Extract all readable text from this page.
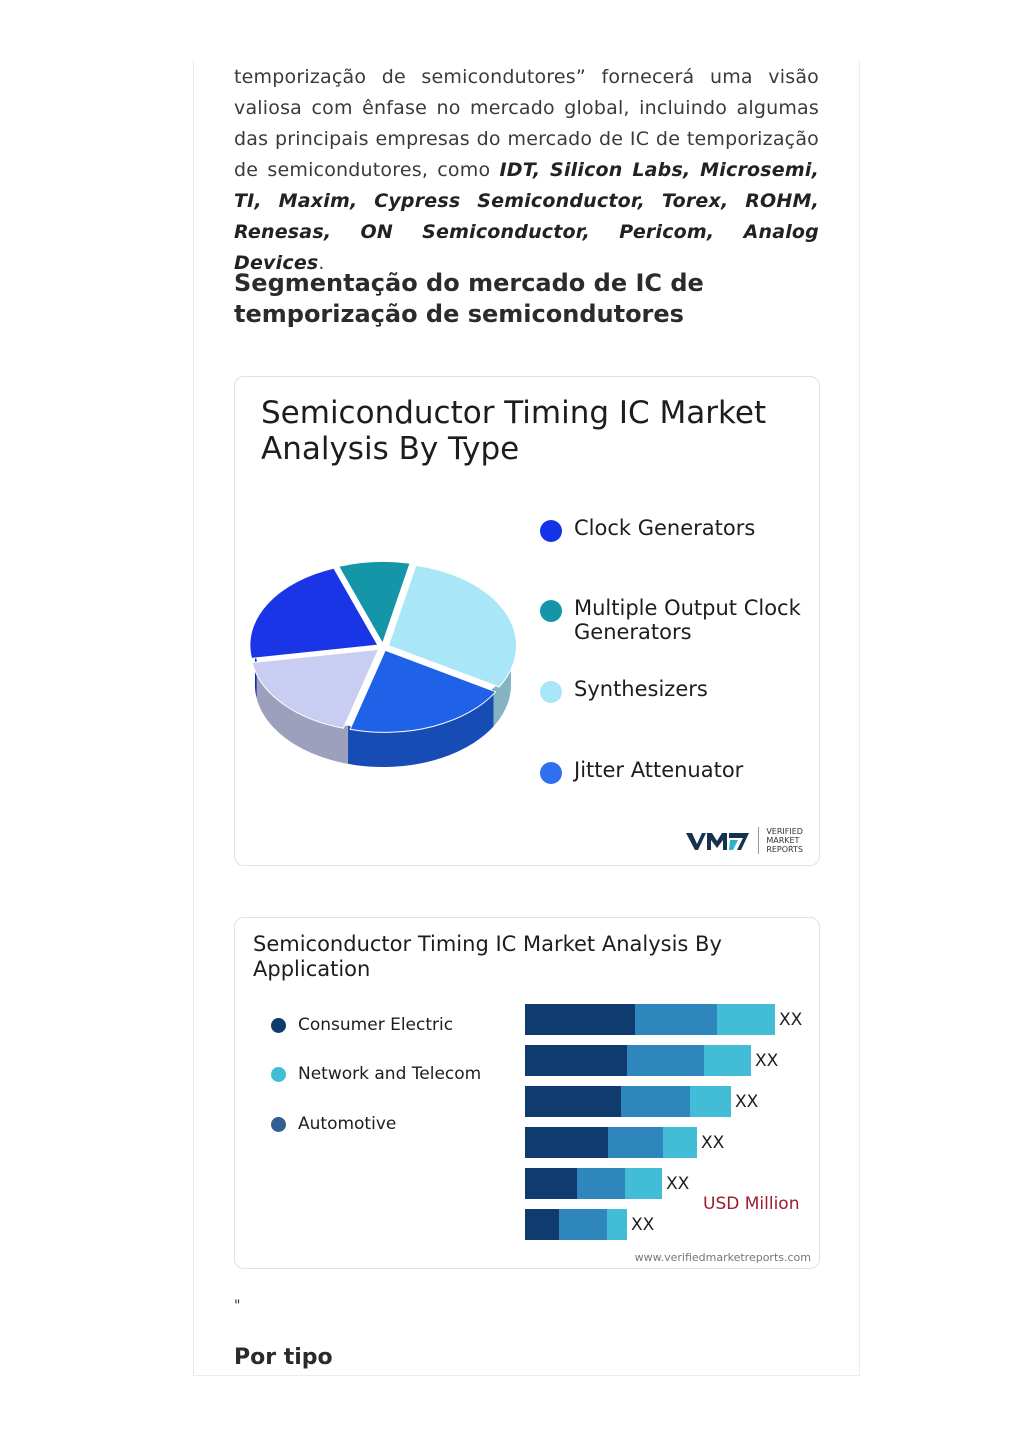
temporização de semicondutores” fornecerá uma visão valiosa com ênfase no mercado global, incluindo algumas das principais empresas do mercado de IC de temporização de semicondutores, como IDT, Silicon Labs, Microsemi, TI, Maxim, Cypress Semiconductor, Torex, ROHM, Renesas, ON Semiconductor, Pericom, Analog Devices.
Segmentação do mercado de IC de temporização de semicondutores
Semiconductor Timing IC Market Analysis By Type
Clock Generators
Multiple Output Clock Generators
Synthesizers
Jitter Attenuator
VERIFIED
MARKET
REPORTS
Semiconductor Timing IC Market Analysis By Application
Consumer Electric
Network and Telecom
Automotive
XX
XX
XX
XX
XX
XX
USD Million
www.verifiedmarketreports.com
"
Por tipo
